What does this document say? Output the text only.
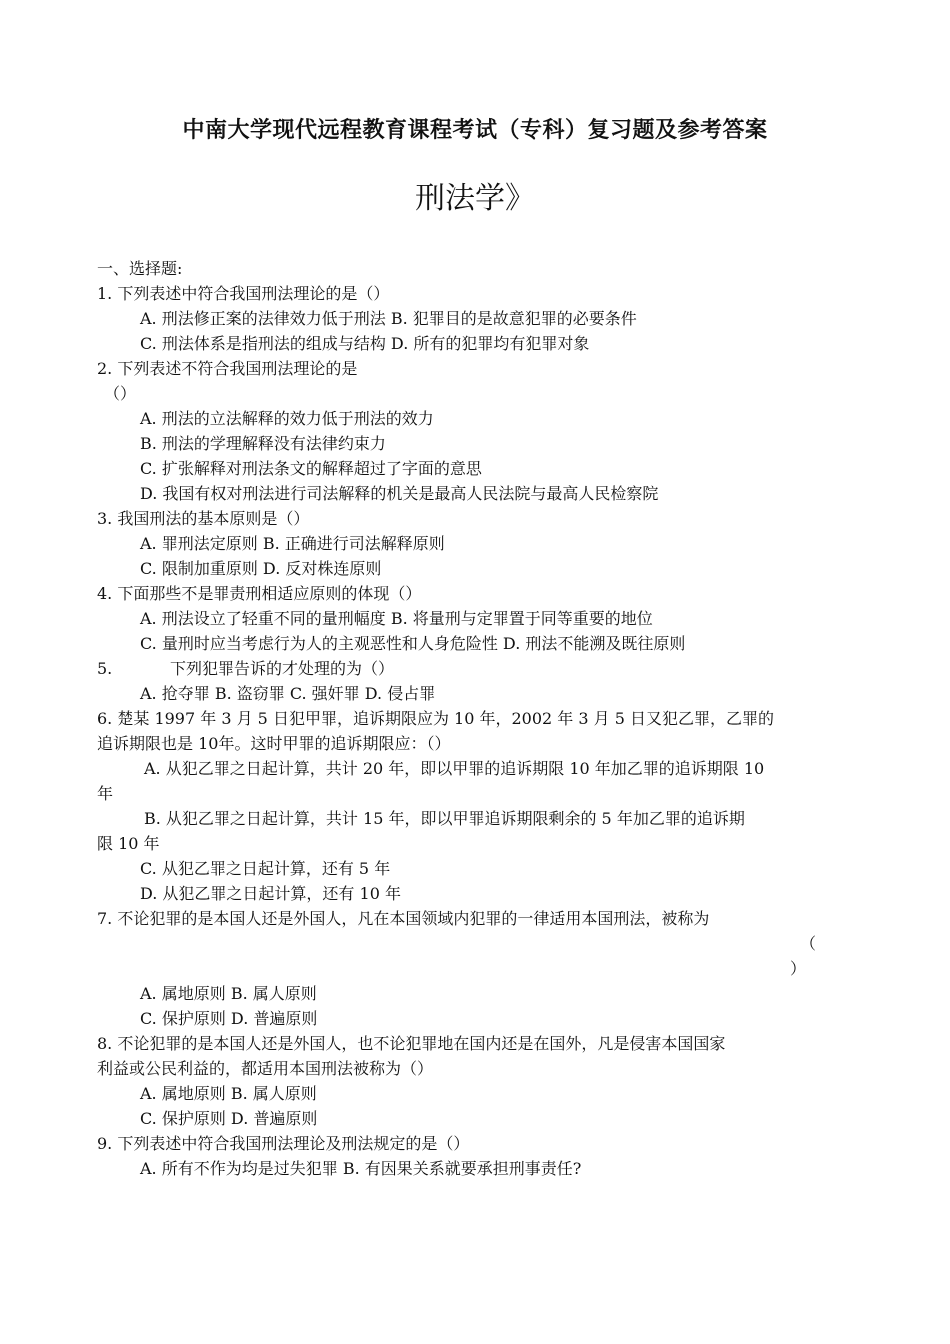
中南大学现代远程教育课程考试（专科）复习题及参考答案
刑法学》
一、选择题:
1. 下列表述中符合我国刑法理论的是（）
A. 刑法修正案的法律效力低于刑法 B. 犯罪目的是故意犯罪的必要条件
C. 刑法体系是指刑法的组成与结构 D. 所有的犯罪均有犯罪对象
2. 下列表述不符合我国刑法理论的是
（）
A. 刑法的立法解释的效力低于刑法的效力
B. 刑法的学理解释没有法律约束力
C. 扩张解释对刑法条文的解释超过了字面的意思
D. 我国有权对刑法进行司法解释的机关是最高人民法院与最高人民检察院
3. 我国刑法的基本原则是（）
A. 罪刑法定原则 B. 正确进行司法解释原则
C. 限制加重原则 D. 反对株连原则
4. 下面那些不是罪责刑相适应原则的体现（）
A. 刑法设立了轻重不同的量刑幅度 B. 将量刑与定罪置于同等重要的地位
C. 量刑时应当考虑行为人的主观恶性和人身危险性 D. 刑法不能溯及既往原则
5.	下列犯罪告诉的才处理的为（）
A. 抢夺罪 B. 盗窃罪 C. 强奸罪 D. 侵占罪
6. 楚某 1997 年 3 月 5 日犯甲罪，追诉期限应为 10 年，2002 年 3 月 5 日又犯乙罪，乙罪的
追诉期限也是 10年。这时甲罪的追诉期限应：（）
A. 从犯乙罪之日起计算，共计 20 年，即以甲罪的追诉期限 10 年加乙罪的追诉期限 10
年
B. 从犯乙罪之日起计算，共计 15 年，即以甲罪追诉期限剩余的 5 年加乙罪的追诉期
限 10 年
C. 从犯乙罪之日起计算，还有 5 年
D. 从犯乙罪之日起计算，还有 10 年
7. 不论犯罪的是本国人还是外国人，凡在本国领域内犯罪的一律适用本国刑法，被称为
（
）
A. 属地原则 B. 属人原则
C. 保护原则 D. 普遍原则
8. 不论犯罪的是本国人还是外国人，也不论犯罪地在国内还是在国外，凡是侵害本国国家
利益或公民利益的，都适用本国刑法被称为（）
A. 属地原则 B. 属人原则
C. 保护原则 D. 普遍原则
9. 下列表述中符合我国刑法理论及刑法规定的是（）
A. 所有不作为均是过失犯罪 B. 有因果关系就要承担刑事责任?
